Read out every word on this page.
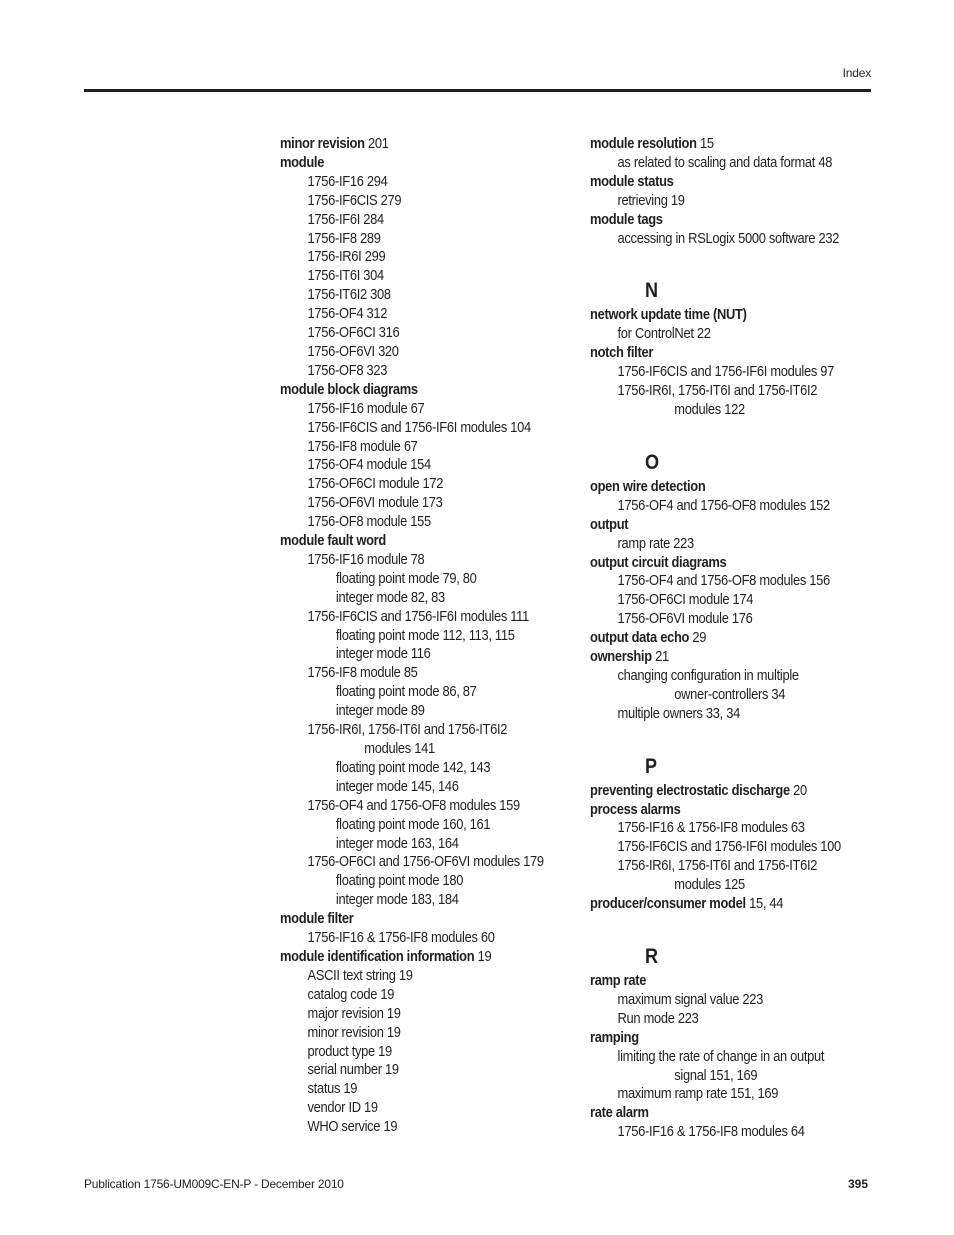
Index
minor revision 201
module
1756-IF16 294
1756-IF6CIS 279
1756-IF6I 284
1756-IF8 289
1756-IR6I 299
1756-IT6I 304
1756-IT6I2 308
1756-OF4 312
1756-OF6CI 316
1756-OF6VI 320
1756-OF8 323
module block diagrams
1756-IF16 module 67
1756-IF6CIS and 1756-IF6I modules 104
1756-IF8 module 67
1756-OF4 module 154
1756-OF6CI module 172
1756-OF6VI module 173
1756-OF8 module 155
module fault word
1756-IF16 module 78
floating point mode 79, 80
integer mode 82, 83
1756-IF6CIS and 1756-IF6I modules 111
floating point mode 112, 113, 115
integer mode 116
1756-IF8 module 85
floating point mode 86, 87
integer mode 89
1756-IR6I, 1756-IT6I and 1756-IT6I2
modules 141
floating point mode 142, 143
integer mode 145, 146
1756-OF4 and 1756-OF8 modules 159
floating point mode 160, 161
integer mode 163, 164
1756-OF6CI and 1756-OF6VI modules 179
floating point mode 180
integer mode 183, 184
module filter
1756-IF16 & 1756-IF8 modules 60
module identification information 19
ASCII text string 19
catalog code 19
major revision 19
minor revision 19
product type 19
serial number 19
status 19
vendor ID 19
WHO service 19
module resolution 15
as related to scaling and data format 48
module status
retrieving 19
module tags
accessing in RSLogix 5000 software 232
N
network update time (NUT)
for ControlNet 22
notch filter
1756-IF6CIS and 1756-IF6I modules 97
1756-IR6I, 1756-IT6I and 1756-IT6I2
modules 122
O
open wire detection
1756-OF4 and 1756-OF8 modules 152
output
ramp rate 223
output circuit diagrams
1756-OF4 and 1756-OF8 modules 156
1756-OF6CI module 174
1756-OF6VI module 176
output data echo 29
ownership 21
changing configuration in multiple
owner-controllers 34
multiple owners 33, 34
P
preventing electrostatic discharge 20
process alarms
1756-IF16 & 1756-IF8 modules 63
1756-IF6CIS and 1756-IF6I modules 100
1756-IR6I, 1756-IT6I and 1756-IT6I2
modules 125
producer/consumer model 15, 44
R
ramp rate
maximum signal value 223
Run mode 223
ramping
limiting the rate of change in an output
signal 151, 169
maximum ramp rate 151, 169
rate alarm
1756-IF16 & 1756-IF8 modules 64
Publication 1756-UM009C-EN-P - December 2010	395
